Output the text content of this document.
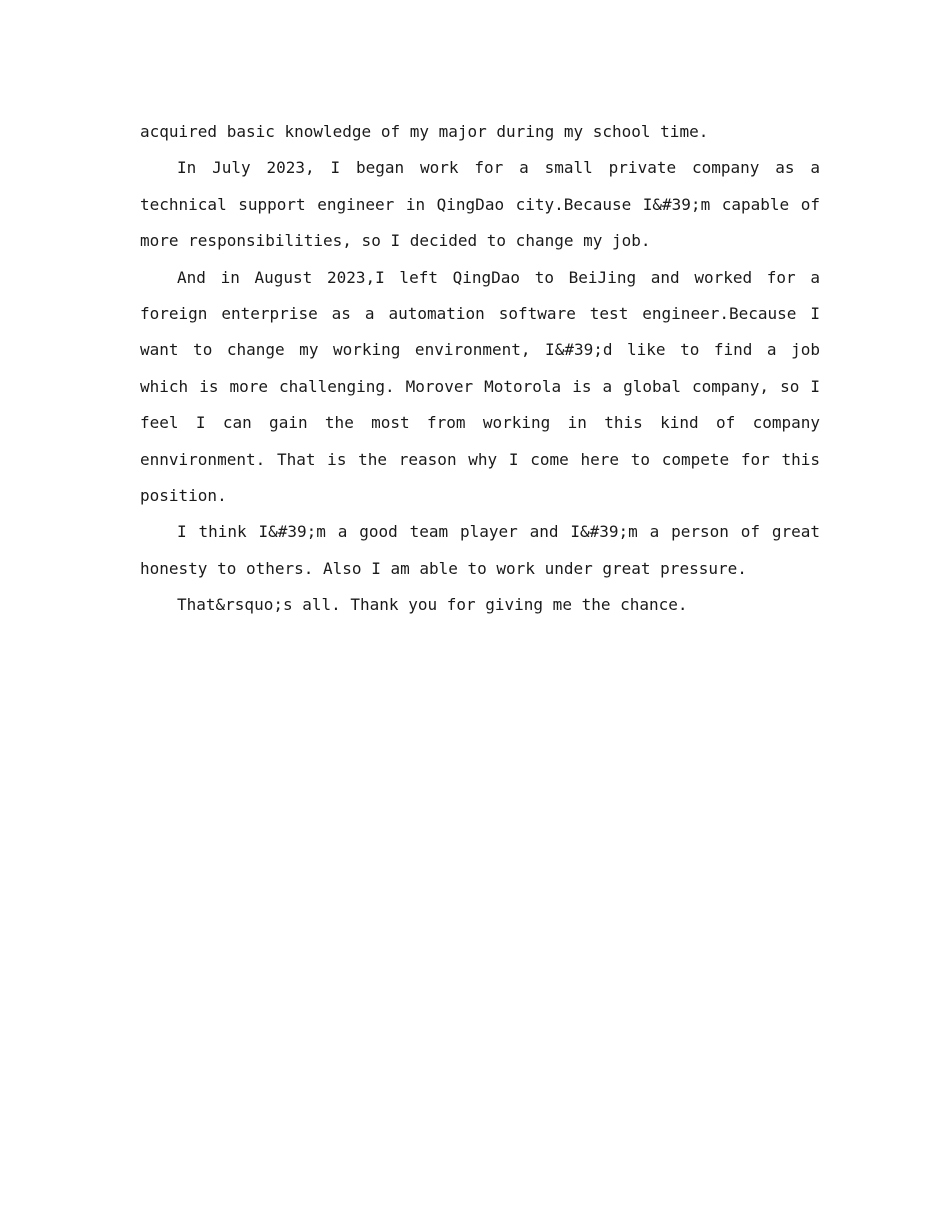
acquired basic knowledge of my major during my school time.

In July 2023, I began work for a small private company as a technical support engineer in QingDao city.Because I&#39;m capable of more responsibilities, so I decided to change my job.

And in August 2023,I left QingDao to BeiJing and worked for a foreign enterprise as a automation software test engineer.Because I want to change my working environment, I&#39;d like to find a job which is more challenging. Morover Motorola is a global company, so I feel I can gain the most from working in this kind of company ennvironment. That is the reason why I come here to compete for this position.

I think I&#39;m a good team player and I&#39;m a person of great honesty to others. Also I am able to work under great pressure.

That&rsquo;s all. Thank you for giving me the chance.
